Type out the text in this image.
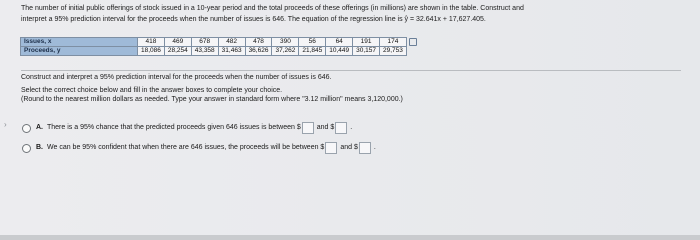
The number of initial public offerings of stock issued in a 10-year period and the total proceeds of these offerings (in millions) are shown in the table. Construct and
interpret a 95% prediction interval for the proceeds when the number of issues is 646. The equation of the regression line is ŷ = 32.641x + 17,627.405.
Issues, x	418	469	678	482	478	390	56	64	191	174	
Proceeds, y	18,086	28,254	43,358	31,463	36,626	37,262	21,845	10,449	30,157	29,753	
Construct and interpret a 95% prediction interval for the proceeds when the number of issues is 646.
Select the correct choice below and fill in the answer boxes to complete your choice.
(Round to the nearest million dollars as needed. Type your answer in standard form where "3.12 million" means 3,120,000.)
›	A. There is a 95% chance that the predicted proceeds given 646 issues is between $ and $ .
B. We can be 95% confident that when there are 646 issues, the proceeds will be between $ and $ .
